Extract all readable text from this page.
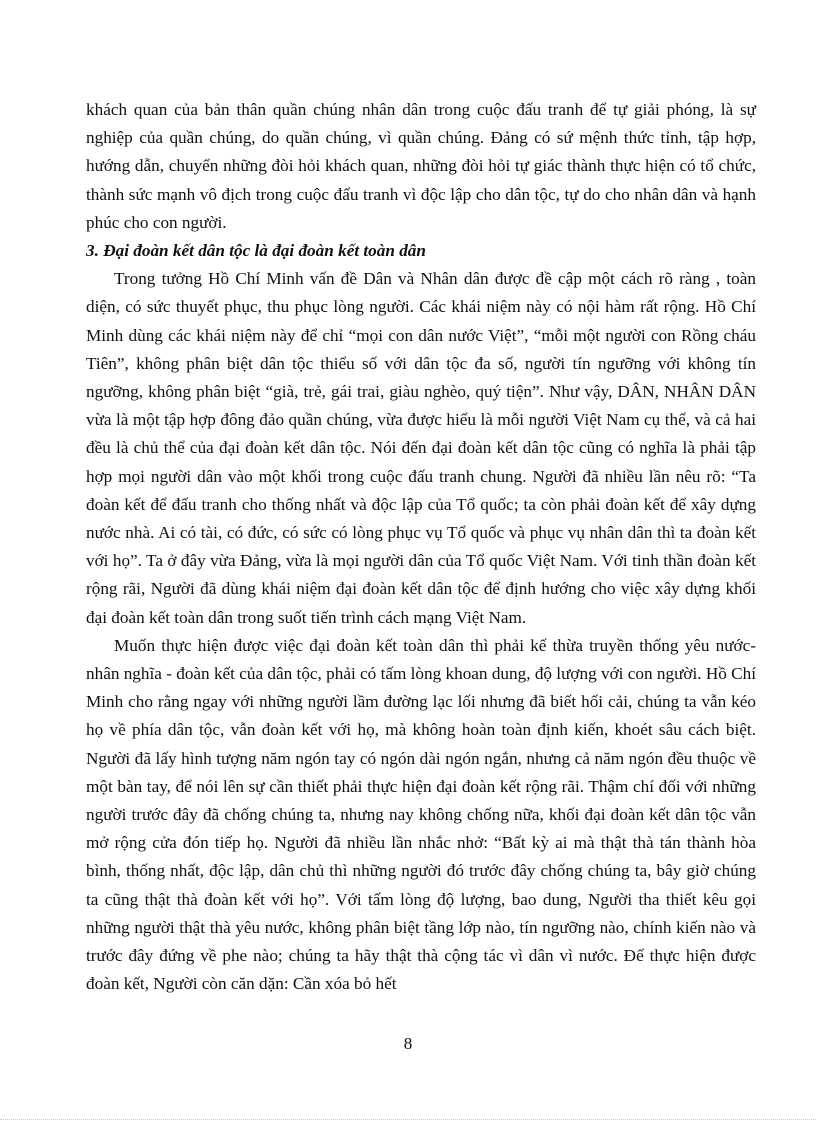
khách quan của bản thân quần chúng nhân dân trong cuộc đấu tranh để tự giải phóng, là sự nghiệp của quần chúng, do quần chúng, vì quần chúng. Đảng có sứ mệnh thức tỉnh, tập hợp, hướng dẫn, chuyển những đòi hỏi khách quan, những đòi hỏi tự giác thành thực hiện có tổ chức, thành sức mạnh vô địch trong cuộc đấu tranh vì độc lập cho dân tộc, tự do cho nhân dân và hạnh phúc cho con người.

3. Đại đoàn kết dân tộc là đại đoàn kết toàn dân

Trong tưởng Hồ Chí Minh vấn đề Dân và Nhân dân được đề cập một cách rõ ràng , toàn diện, có sức thuyết phục, thu phục lòng người. Các khái niệm này có nội hàm rất rộng. Hồ Chí Minh dùng các khái niệm này để chỉ “mọi con dân nước Việt”, “mỗi một người con Rồng cháu Tiên”, không phân biệt dân tộc thiểu số với dân tộc đa số, người tín ngưỡng với không tín ngưỡng, không phân biệt “già, trẻ, gái trai, giàu nghèo, quý tiện”. Như vậy, DÂN, NHÂN DÂN vừa là một tập hợp đông đảo quần chúng, vừa được hiểu là mỗi người Việt Nam cụ thể, và cả hai đều là chủ thể của đại đoàn kết dân tộc. Nói đến đại đoàn kết dân tộc cũng có nghĩa là phải tập hợp mọi người dân vào một khối trong cuộc đấu tranh chung. Người đã nhiều lần nêu rõ: “Ta đoàn kết để đấu tranh cho thống nhất và độc lập của Tổ quốc; ta còn phải đoàn kết để xây dựng nước nhà. Ai có tài, có đức, có sức có lòng phục vụ Tổ quốc và phục vụ nhân dân thì ta đoàn kết với họ”. Ta ở đây vừa Đảng, vừa là mọi người dân của Tổ quốc Việt Nam. Với tinh thần đoàn kết rộng rãi, Người đã dùng khái niệm đại đoàn kết dân tộc để định hướng cho việc xây dựng khối đại đoàn kết toàn dân trong suốt tiến trình cách mạng Việt Nam.

Muốn thực hiện được việc đại đoàn kết toàn dân thì phải kế thừa truyền thống yêu nước-nhân nghĩa - đoàn kết của dân tộc, phải có tấm lòng khoan dung, độ lượng với con người. Hồ Chí Minh cho rằng ngay với những người lầm đường lạc lối nhưng đã biết hối cải, chúng ta vẫn kéo họ về phía dân tộc, vẫn đoàn kết với họ, mà không hoàn toàn định kiến, khoét sâu cách biệt. Người đã lấy hình tượng năm ngón tay có ngón dài ngón ngắn, nhưng cả năm ngón đều thuộc về một bàn tay, để nói lên sự cần thiết phải thực hiện đại đoàn kết rộng rãi. Thậm chí đối với những người trước đây đã chống chúng ta, nhưng nay không chống nữa, khối đại đoàn kết dân tộc vẫn mở rộng cửa đón tiếp họ. Người đã nhiều lần nhắc nhở: “Bất kỳ ai mà thật thà tán thành hòa bình, thống nhất, độc lập, dân chủ thì những người đó trước đây chống chúng ta, bây giờ chúng ta cũng thật thà đoàn kết với họ”. Với tấm lòng độ lượng, bao dung, Người tha thiết kêu gọi những người thật thà yêu nước, không phân biệt tầng lớp nào, tín ngưỡng nào, chính kiến nào và trước đây đứng về phe nào; chúng ta hãy thật thà cộng tác vì dân vì nước. Để thực hiện được đoàn kết, Người còn căn dặn: Cần xóa bỏ hết

8
